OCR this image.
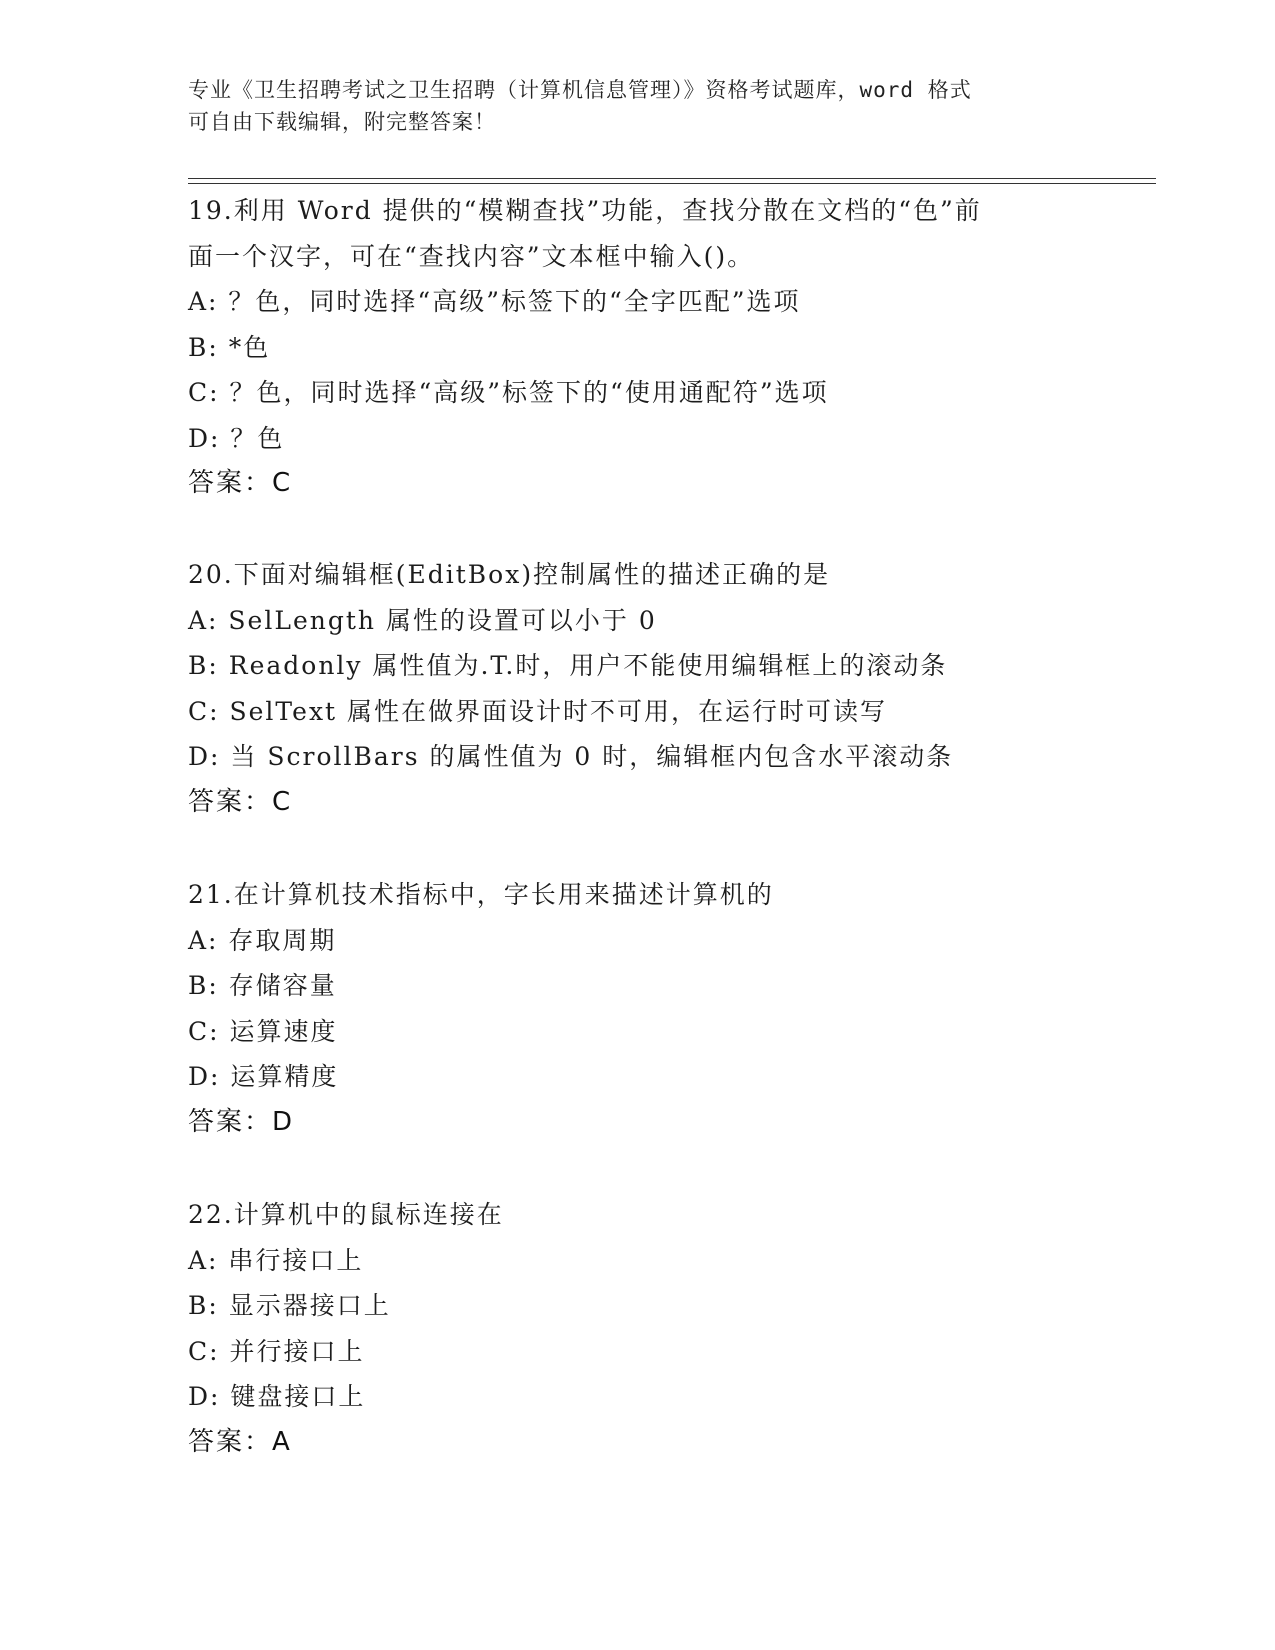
专业《卫生招聘考试之卫生招聘（计算机信息管理）》资格考试题库，word 格式
可自由下载编辑，附完整答案！
19.利用 Word 提供的“模糊查找”功能，查找分散在文档的“色”前
面一个汉字，可在“查找内容”文本框中输入()。
A: ？色，同时选择“高级”标签下的“全字匹配”选项
B: *色
C: ？色，同时选择“高级”标签下的“使用通配符”选项
D: ？色
答案：C
20.下面对编辑框(EditBox)控制属性的描述正确的是
A: SelLength 属性的设置可以小于 0
B: Readonly 属性值为.T.时，用户不能使用编辑框上的滚动条
C: SelText 属性在做界面设计时不可用，在运行时可读写
D: 当 ScrollBars 的属性值为 0 时，编辑框内包含水平滚动条
答案：C
21.在计算机技术指标中，字长用来描述计算机的
A: 存取周期
B: 存储容量
C: 运算速度
D: 运算精度
答案：D
22.计算机中的鼠标连接在
A: 串行接口上
B: 显示器接口上
C: 并行接口上
D: 键盘接口上
答案：A
